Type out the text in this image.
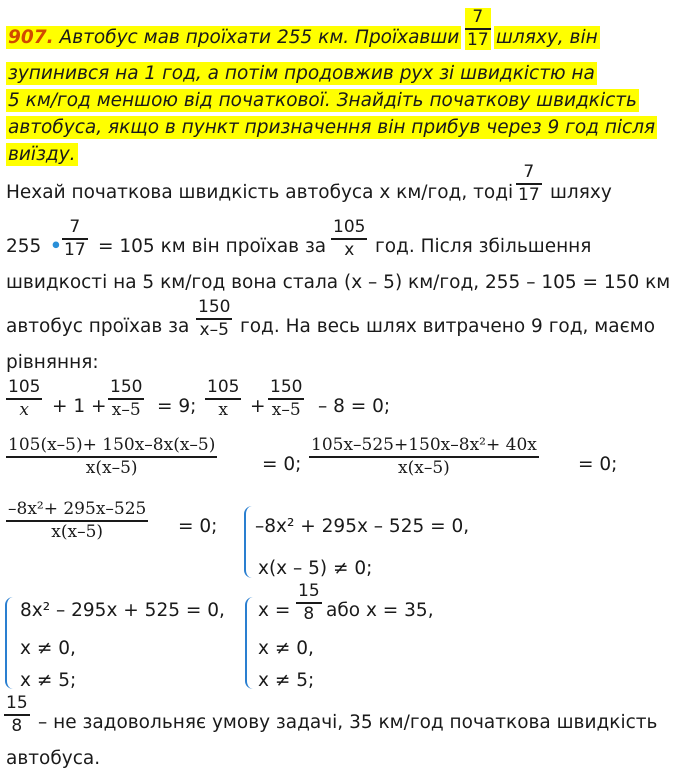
907. Автобус мав проїхати 255 км. Проїхавши
7
17 шляху, він
зупинився на 1 год, а потім продовжив рух зі швидкістю на
5 км/год меншою від початкової. Знайдіть початкову швидкість
автобуса, якщо в пункт призначення він прибув через 9 год після
виїзду.
Нехай початкова швидкість автобуса x км/год, тоді
7
17 шляху
255 •
7
17 = 105 км він проїхав за
105
x год. Після збільшення
швидкості на 5 км/год вона стала (x – 5) км/год, 255 – 105 = 150 км
автобус проїхав за
150
x–5 год. На весь шлях витрачено 9 год, маємо
рівняння:
105
x + 1 +
150
x–5 = 9;
105
x +
150
x–5 – 8 = 0;
105(x–5)+ 150x–8x(x–5)
x(x–5)	= 0;
105x–525+150x–8x²+ 40x
x(x–5)	= 0;
–8x²+ 295x–525
x(x–5)	= 0; –8x² + 295x – 525 = 0,
x(x – 5) ≠ 0;
8x² – 295x + 525 = 0,
x ≠ 0,
x ≠ 5;
x =
15
8 або x = 35,
x ≠ 0,
x ≠ 5;
15
8 – не задовольняє умову задачі, 35 км/год початкова швидкість
автобуса.
